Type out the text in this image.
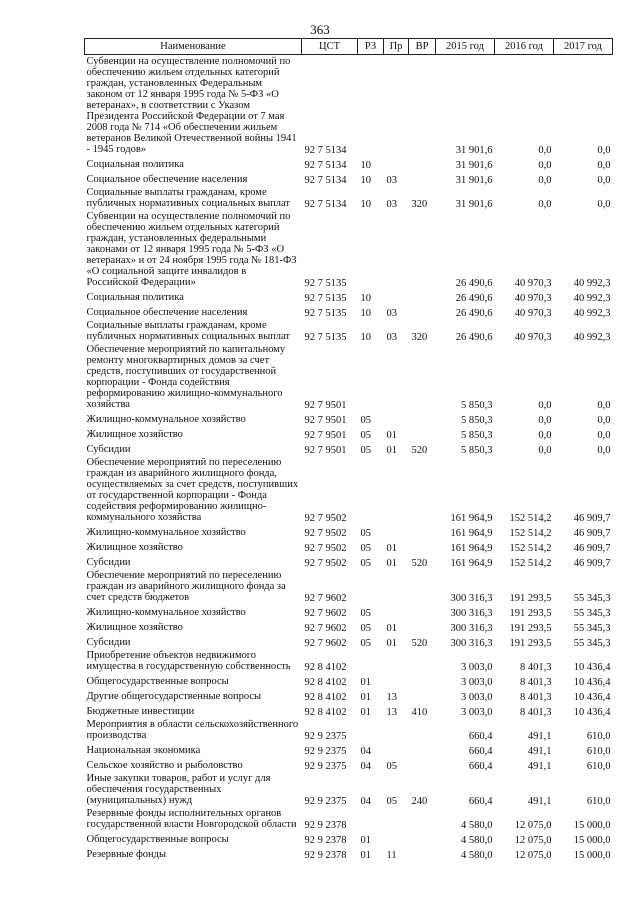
363
Наименование	ЦСТ	РЗ	Пр	ВР	2015 год	2016 год	2017 год
Субвенции на осуществление полномочий по обеспечению жильем отдельных категорий граждан, установленных Федеральным законом от 12 января 1995 года № 5-ФЗ «О ветеранах», в соответствии с Указом Президента Российской Федерации от 7 мая 2008 года № 714 «Об обеспечении жильем ветеранов Великой Отечественной войны 1941 - 1945 годов»	92 7 5134				31 901,6	0,0	0,0
Социальная политика	92 7 5134	10			31 901,6	0,0	0,0
Социальное обеспечение населения	92 7 5134	10	03		31 901,6	0,0	0,0
Социальные выплаты гражданам, кроме публичных нормативных социальных выплат	92 7 5134	10	03	320	31 901,6	0,0	0,0
Субвенции на осуществление полномочий по обеспечению жильем отдельных категорий граждан, установленных федеральными законами от 12 января 1995 года № 5-ФЗ «О ветеранах» и от 24 ноября 1995 года № 181-ФЗ «О социальной защите инвалидов в Российской Федерации»	92 7 5135				26 490,6	40 970,3	40 992,3
Социальная политика	92 7 5135	10			26 490,6	40 970,3	40 992,3
Социальное обеспечение населения	92 7 5135	10	03		26 490,6	40 970,3	40 992,3
Социальные выплаты гражданам, кроме публичных нормативных социальных выплат	92 7 5135	10	03	320	26 490,6	40 970,3	40 992,3
Обеспечение мероприятий по капитальному ремонту многоквартирных домов за счет средств, поступивших от государственной корпорации - Фонда содействия реформированию жилищно-коммунального хозяйства	92 7 9501				5 850,3	0,0	0,0
Жилищно-коммунальное хозяйство	92 7 9501	05			5 850,3	0,0	0,0
Жилищное хозяйство	92 7 9501	05	01		5 850,3	0,0	0,0
Субсидии	92 7 9501	05	01	520	5 850,3	0,0	0,0
Обеспечение мероприятий по переселению граждан из аварийного жилищного фонда, осуществляемых за счет средств, поступивших от государственной корпорации - Фонда содействия реформированию жилищно-коммунального хозяйства	92 7 9502				161 964,9	152 514,2	46 909,7
Жилищно-коммунальное хозяйство	92 7 9502	05			161 964,9	152 514,2	46 909,7
Жилищное хозяйство	92 7 9502	05	01		161 964,9	152 514,2	46 909,7
Субсидии	92 7 9502	05	01	520	161 964,9	152 514,2	46 909,7
Обеспечение мероприятий по переселению граждан из аварийного жилищного фонда за счет средств бюджетов	92 7 9602				300 316,3	191 293,5	55 345,3
Жилищно-коммунальное хозяйство	92 7 9602	05			300 316,3	191 293,5	55 345,3
Жилищное хозяйство	92 7 9602	05	01		300 316,3	191 293,5	55 345,3
Субсидии	92 7 9602	05	01	520	300 316,3	191 293,5	55 345,3
Приобретение объектов недвижимого имущества в государственную собственность	92 8 4102				3 003,0	8 401,3	10 436,4
Общегосударственные вопросы	92 8 4102	01			3 003,0	8 401,3	10 436,4
Другие общегосударственные вопросы	92 8 4102	01	13		3 003,0	8 401,3	10 436,4
Бюджетные инвестиции	92 8 4102	01	13	410	3 003,0	8 401,3	10 436,4
Мероприятия в области сельскохозяйственного производства	92 9 2375				660,4	491,1	610,0
Национальная экономика	92 9 2375	04			660,4	491,1	610,0
Сельское хозяйство и рыболовство	92 9 2375	04	05		660,4	491,1	610,0
Иные закупки товаров, работ и услуг для обеспечения государственных (муниципальных) нужд	92 9 2375	04	05	240	660,4	491,1	610,0
Резервные фонды исполнительных органов государственной власти Новгородской области	92 9 2378				4 580,0	12 075,0	15 000,0
Общегосударственные вопросы	92 9 2378	01			4 580,0	12 075,0	15 000,0
Резервные фонды	92 9 2378	01	11		4 580,0	12 075,0	15 000,0
